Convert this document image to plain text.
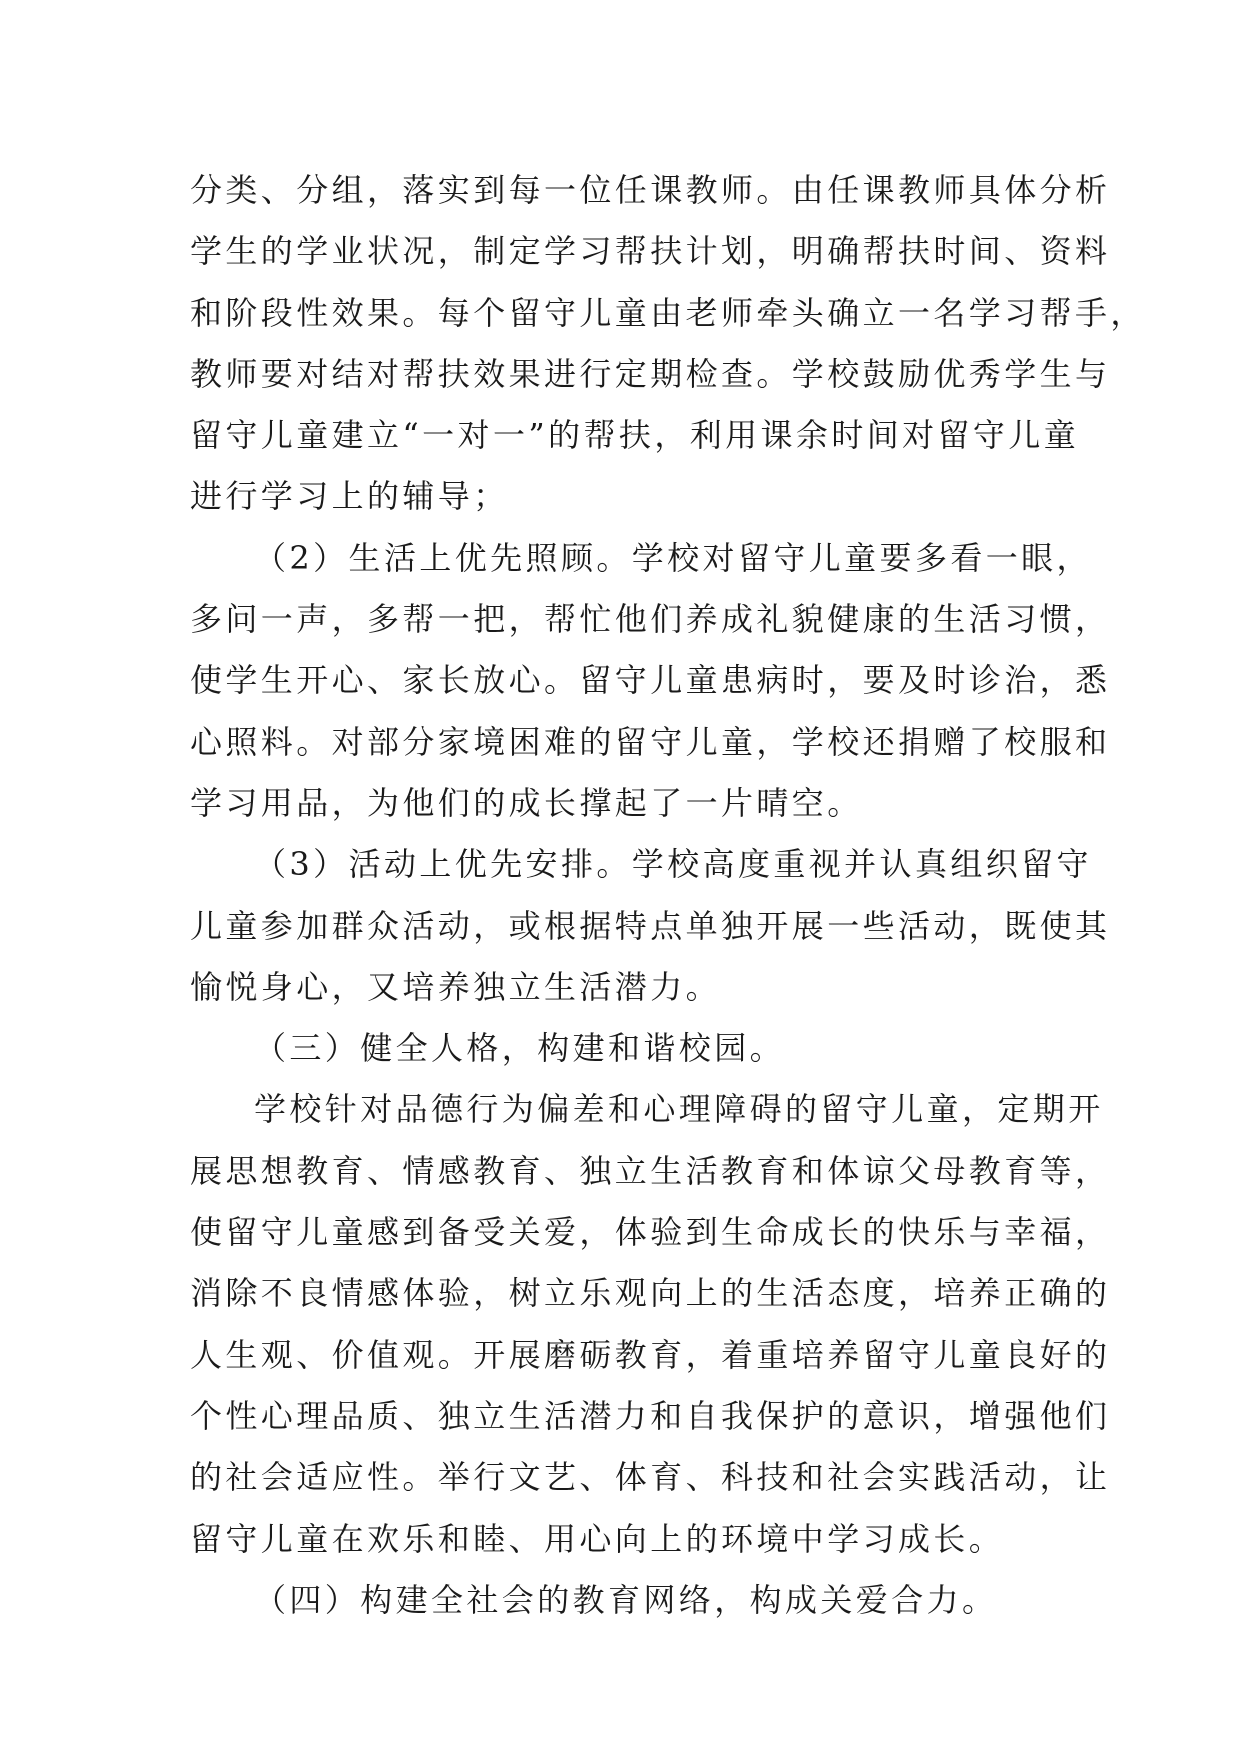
分类、分组，落实到每一位任课教师。由任课教师具体分析
学生的学业状况，制定学习帮扶计划，明确帮扶时间、资料
和阶段性效果。每个留守儿童由老师牵头确立一名学习帮手，
教师要对结对帮扶效果进行定期检查。学校鼓励优秀学生与
留守儿童建立“一对一”的帮扶，利用课余时间对留守儿童
进行学习上的辅导；
（2）生活上优先照顾。学校对留守儿童要多看一眼，
多问一声，多帮一把，帮忙他们养成礼貌健康的生活习惯，
使学生开心、家长放心。留守儿童患病时，要及时诊治，悉
心照料。对部分家境困难的留守儿童，学校还捐赠了校服和
学习用品，为他们的成长撑起了一片晴空。
（3）活动上优先安排。学校高度重视并认真组织留守
儿童参加群众活动，或根据特点单独开展一些活动，既使其
愉悦身心，又培养独立生活潜力。
（三）健全人格，构建和谐校园。
学校针对品德行为偏差和心理障碍的留守儿童，定期开
展思想教育、情感教育、独立生活教育和体谅父母教育等，
使留守儿童感到备受关爱，体验到生命成长的快乐与幸福，
消除不良情感体验，树立乐观向上的生活态度，培养正确的
人生观、价值观。开展磨砺教育，着重培养留守儿童良好的
个性心理品质、独立生活潜力和自我保护的意识，增强他们
的社会适应性。举行文艺、体育、科技和社会实践活动，让
留守儿童在欢乐和睦、用心向上的环境中学习成长。
（四）构建全社会的教育网络，构成关爱合力。
